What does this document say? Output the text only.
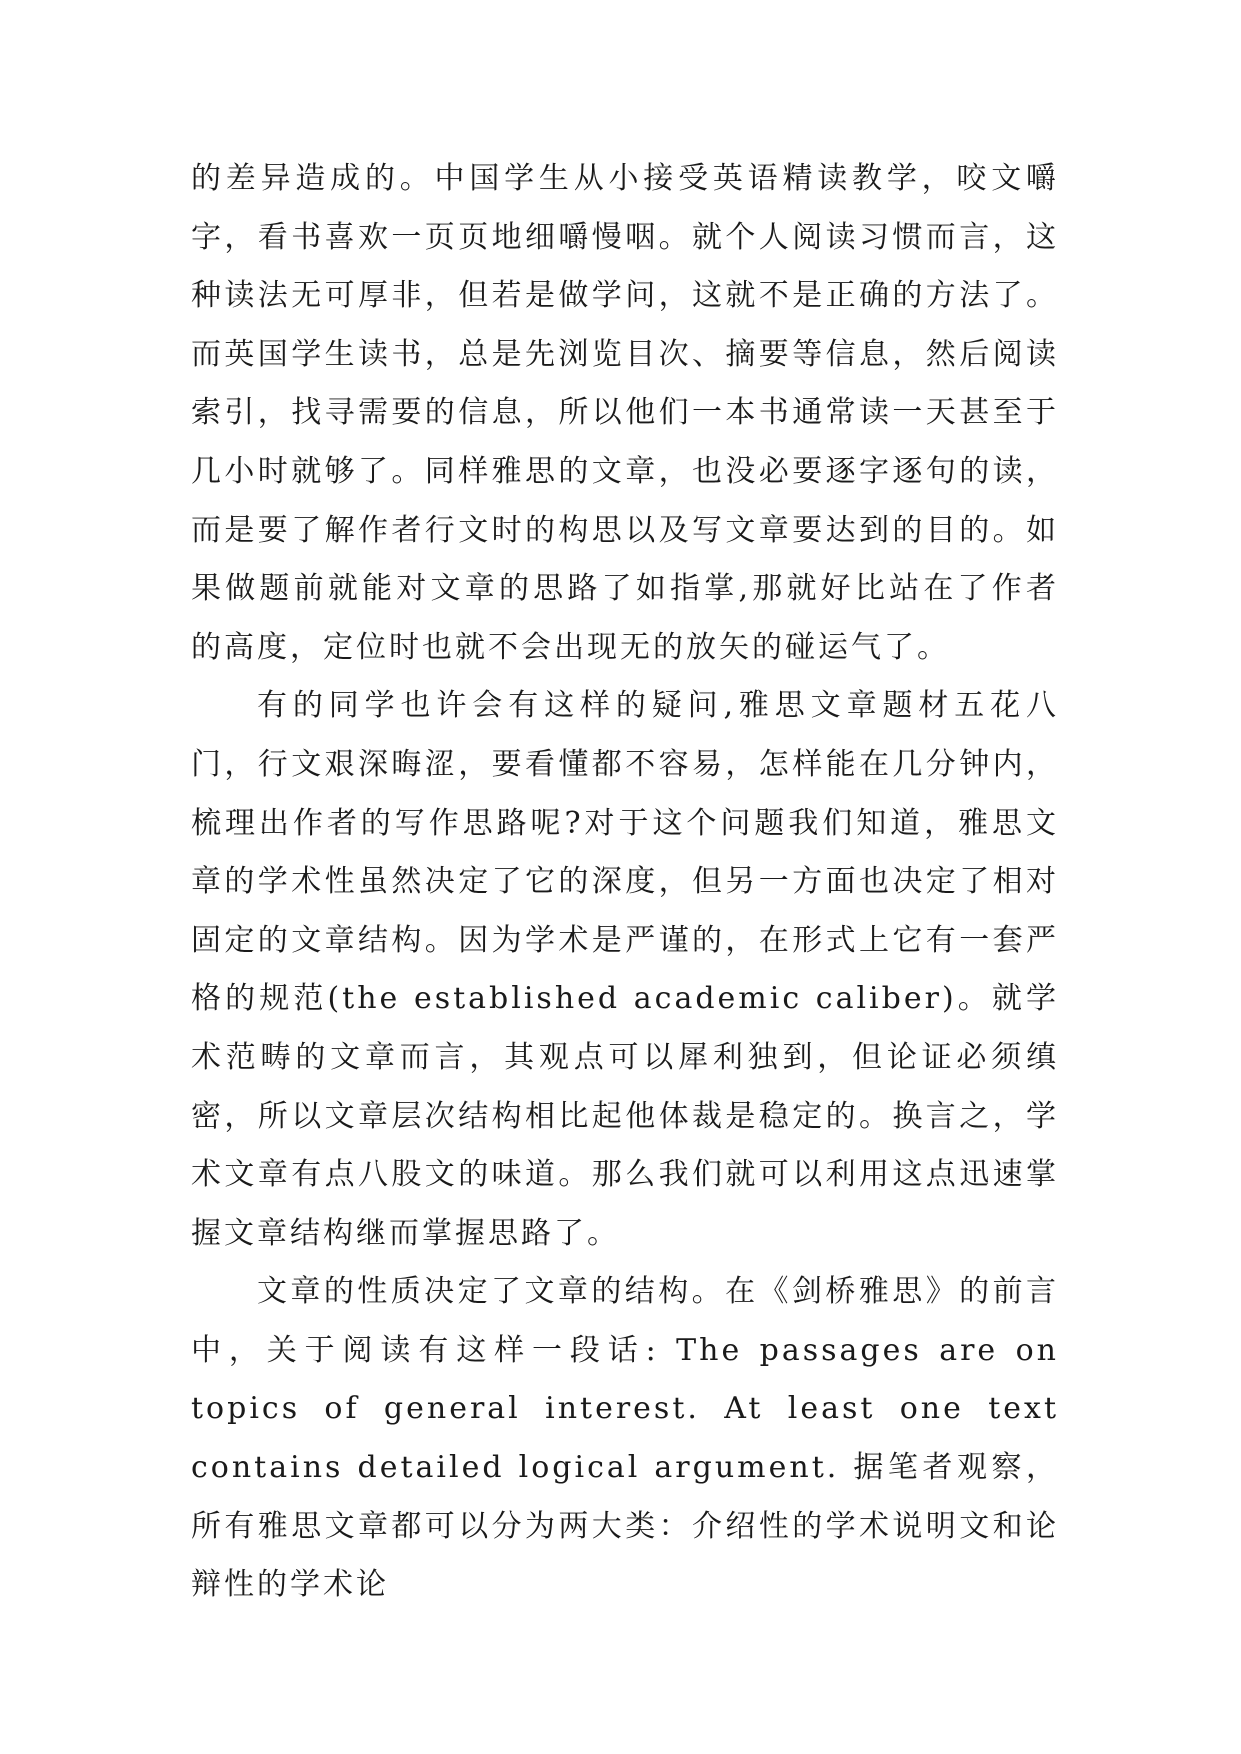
的差异造成的。中国学生从小接受英语精读教学，咬文嚼字，看书喜欢一页页地细嚼慢咽。就个人阅读习惯而言，这种读法无可厚非，但若是做学问，这就不是正确的方法了。而英国学生读书，总是先浏览目次、摘要等信息，然后阅读索引，找寻需要的信息，所以他们一本书通常读一天甚至于几小时就够了。同样雅思的文章，也没必要逐字逐句的读，而是要了解作者行文时的构思以及写文章要达到的目的。如果做题前就能对文章的思路了如指掌,那就好比站在了作者的高度，定位时也就不会出现无的放矢的碰运气了。

有的同学也许会有这样的疑问,雅思文章题材五花八门，行文艰深晦涩，要看懂都不容易，怎样能在几分钟内，梳理出作者的写作思路呢?对于这个问题我们知道，雅思文章的学术性虽然决定了它的深度，但另一方面也决定了相对固定的文章结构。因为学术是严谨的，在形式上它有一套严格的规范(the established academic caliber)。就学术范畴的文章而言，其观点可以犀利独到，但论证必须缜密，所以文章层次结构相比起他体裁是稳定的。换言之，学术文章有点八股文的味道。那么我们就可以利用这点迅速掌握文章结构继而掌握思路了。

文章的性质决定了文章的结构。在《剑桥雅思》的前言中，关于阅读有这样一段话: The passages are on topics of general interest. At least one text contains detailed logical argument. 据笔者观察，所有雅思文章都可以分为两大类：介绍性的学术说明文和论辩性的学术论
